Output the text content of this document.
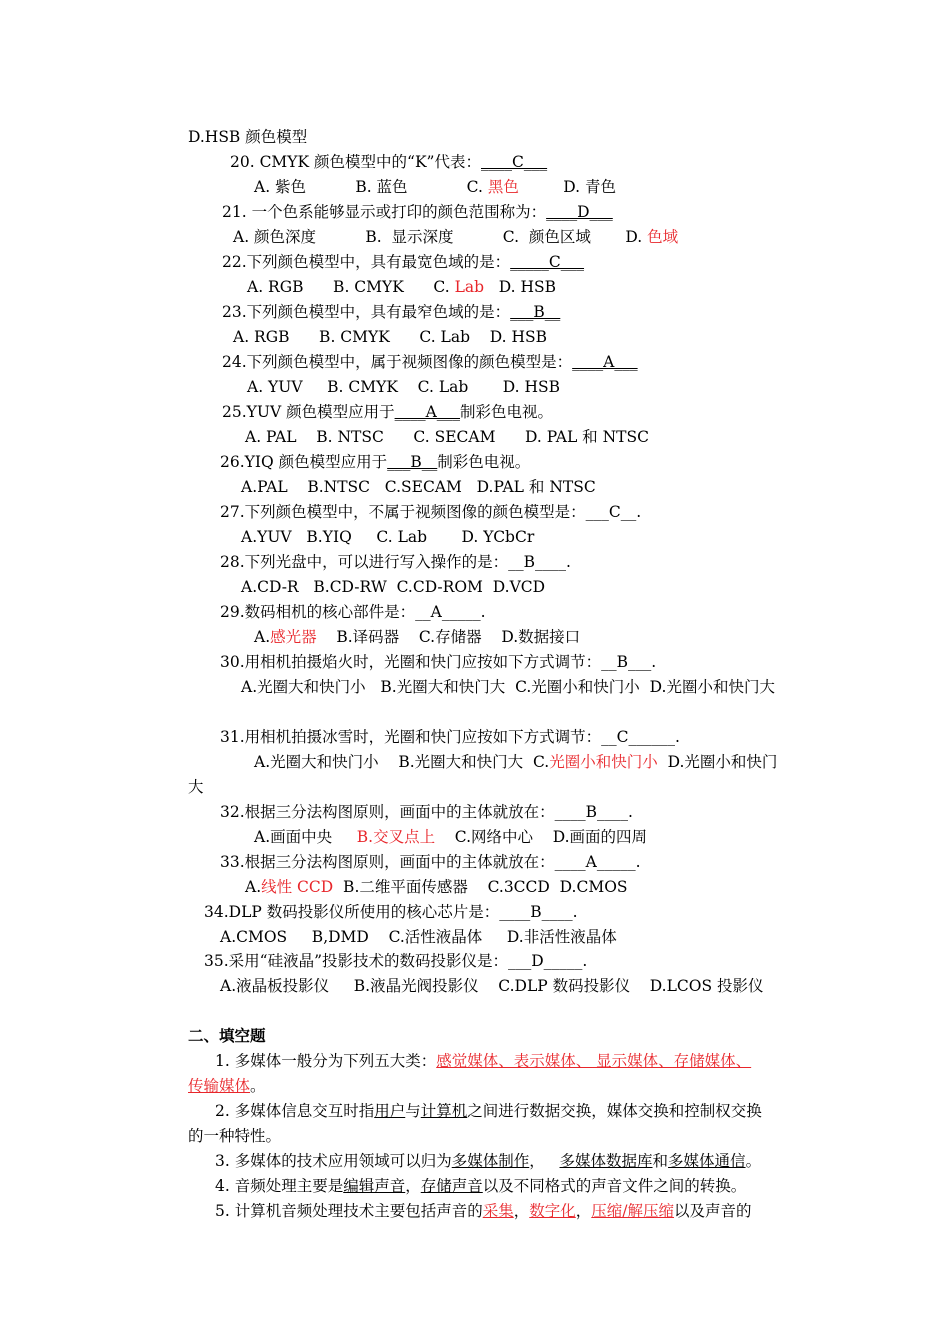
D.HSB 颜色模型
20. CMYK 颜色模型中的“K”代表：____C___
A. 紫色          B. 蓝色            C. 黑色         D. 青色
21. 一个色系能够显示或打印的颜色范围称为：____D___
A. 颜色深度          B.  显示深度          C.  颜色区域       D. 色域
22.下列颜色模型中，具有最宽色域的是：_____C___
A. RGB      B. CMYK      C. Lab   D. HSB
23.下列颜色模型中，具有最窄色域的是：___B__
A. RGB      B. CMYK      C. Lab    D. HSB
24.下列颜色模型中，属于视频图像的颜色模型是：____A___
A. YUV     B. CMYK    C. Lab       D. HSB
25.YUV 颜色模型应用于____A___制彩色电视。
A. PAL    B. NTSC      C. SECAM      D. PAL 和 NTSC
26.YIQ 颜色模型应用于___B__制彩色电视。
A.PAL    B.NTSC   C.SECAM   D.PAL 和 NTSC
27.下列颜色模型中，不属于视频图像的颜色模型是：___C__.
A.YUV   B.YIQ     C. Lab       D. YCbCr
28.下列光盘中，可以进行写入操作的是：__B____.
A.CD-R   B.CD-RW  C.CD-ROM  D.VCD
29.数码相机的核心部件是：__A_____.
A.感光器    B.译码器    C.存储器    D.数据接口
30.用相机拍摄焰火时，光圈和快门应按如下方式调节：__B___.
A.光圈大和快门小   B.光圈大和快门大  C.光圈小和快门小  D.光圈小和快门大
31.用相机拍摄冰雪时，光圈和快门应按如下方式调节：__C______.
A.光圈大和快门小    B.光圈大和快门大  C.光圈小和快门小  D.光圈小和快门
大
32.根据三分法构图原则，画面中的主体就放在：____B____.
A.画面中央     B.交叉点上    C.网络中心    D.画面的四周
33.根据三分法构图原则，画面中的主体就放在：____A_____.
A.线性 CCD  B.二维平面传感器    C.3CCD  D.CMOS
34.DLP 数码投影仪所使用的核心芯片是：____B____.
A.CMOS     B,DMD    C.活性液晶体     D.非活性液晶体
35.采用“硅液晶”投影技术的数码投影仪是：___D_____.
A.液晶板投影仪     B.液晶光阀投影仪    C.DLP 数码投影仪    D.LCOS 投影仪
二、填空题
1. 多媒体一般分为下列五大类：感觉媒体、表示媒体、 显示媒体、存储媒体、
传输媒体。
2. 多媒体信息交互时指用户与计算机之间进行数据交换，媒体交换和控制权交换
的一种特性。
3. 多媒体的技术应用领域可以归为多媒体制作，   多媒体数据库和多媒体通信。
4. 音频处理主要是编辑声音，存储声音以及不同格式的声音文件之间的转换。
5. 计算机音频处理技术主要包括声音的采集，数字化，压缩/解压缩以及声音的
